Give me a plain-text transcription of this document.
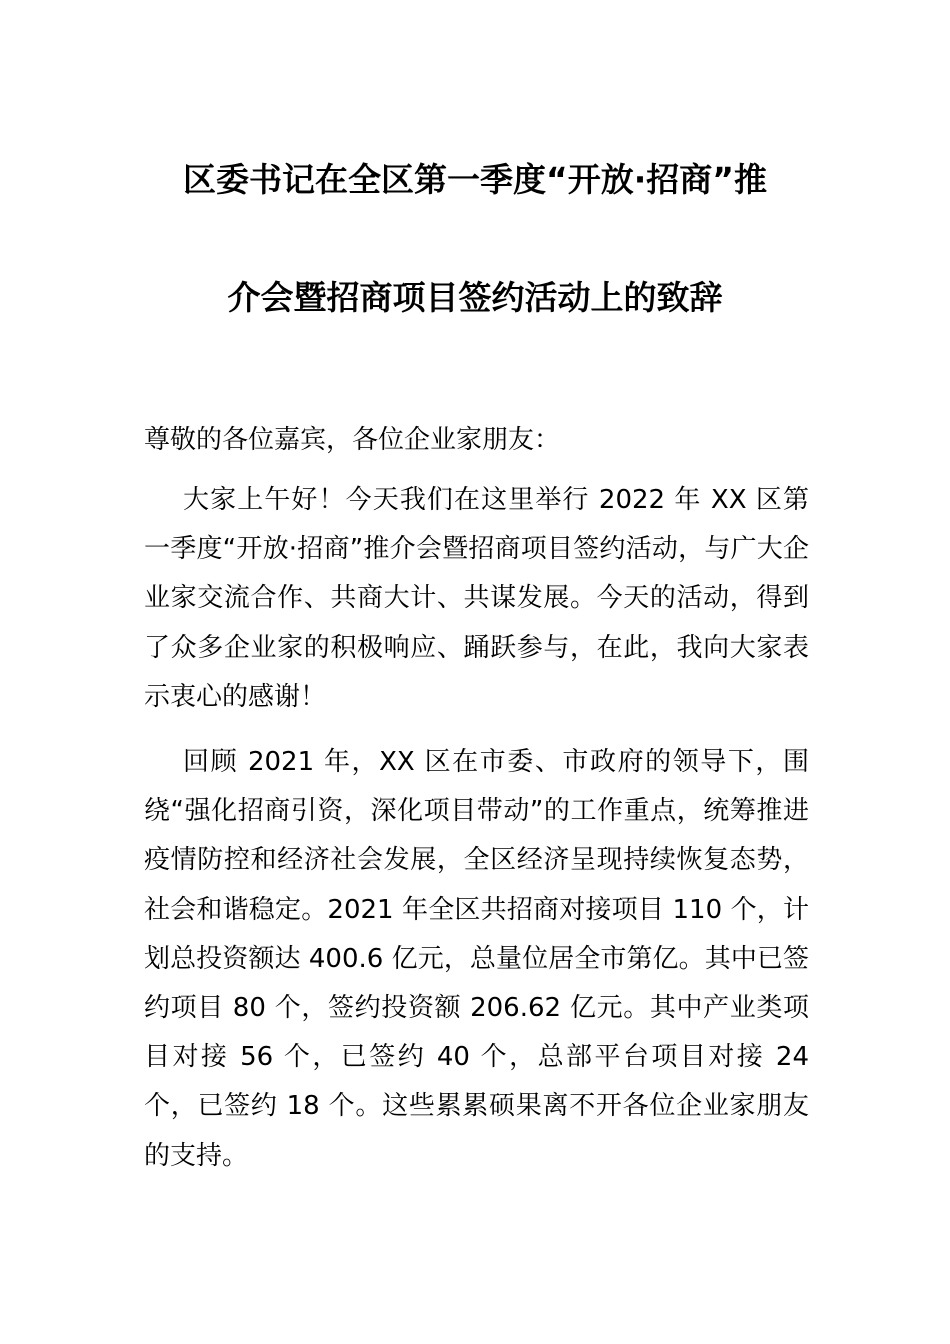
区委书记在全区第一季度“开放·招商”推
介会暨招商项目签约活动上的致辞
尊敬的各位嘉宾，各位企业家朋友：
大家上午好！今天我们在这里举行 2022 年 XX 区第一季度“开放·招商”推介会暨招商项目签约活动，与广大企业家交流合作、共商大计、共谋发展。今天的活动，得到了众多企业家的积极响应、踊跃参与，在此，我向大家表示衷心的感谢！
回顾 2021 年，XX 区在市委、市政府的领导下，围绕“强化招商引资，深化项目带动”的工作重点，统筹推进疫情防控和经济社会发展，全区经济呈现持续恢复态势，社会和谐稳定。2021 年全区共招商对接项目 110 个，计划总投资额达 400.6 亿元，总量位居全市第亿。其中已签约项目 80 个，签约投资额 206.62 亿元。其中产业类项目对接 56 个，已签约 40 个，总部平台项目对接 24 个，已签约 18 个。这些累累硕果离不开各位企业家朋友的支持。
